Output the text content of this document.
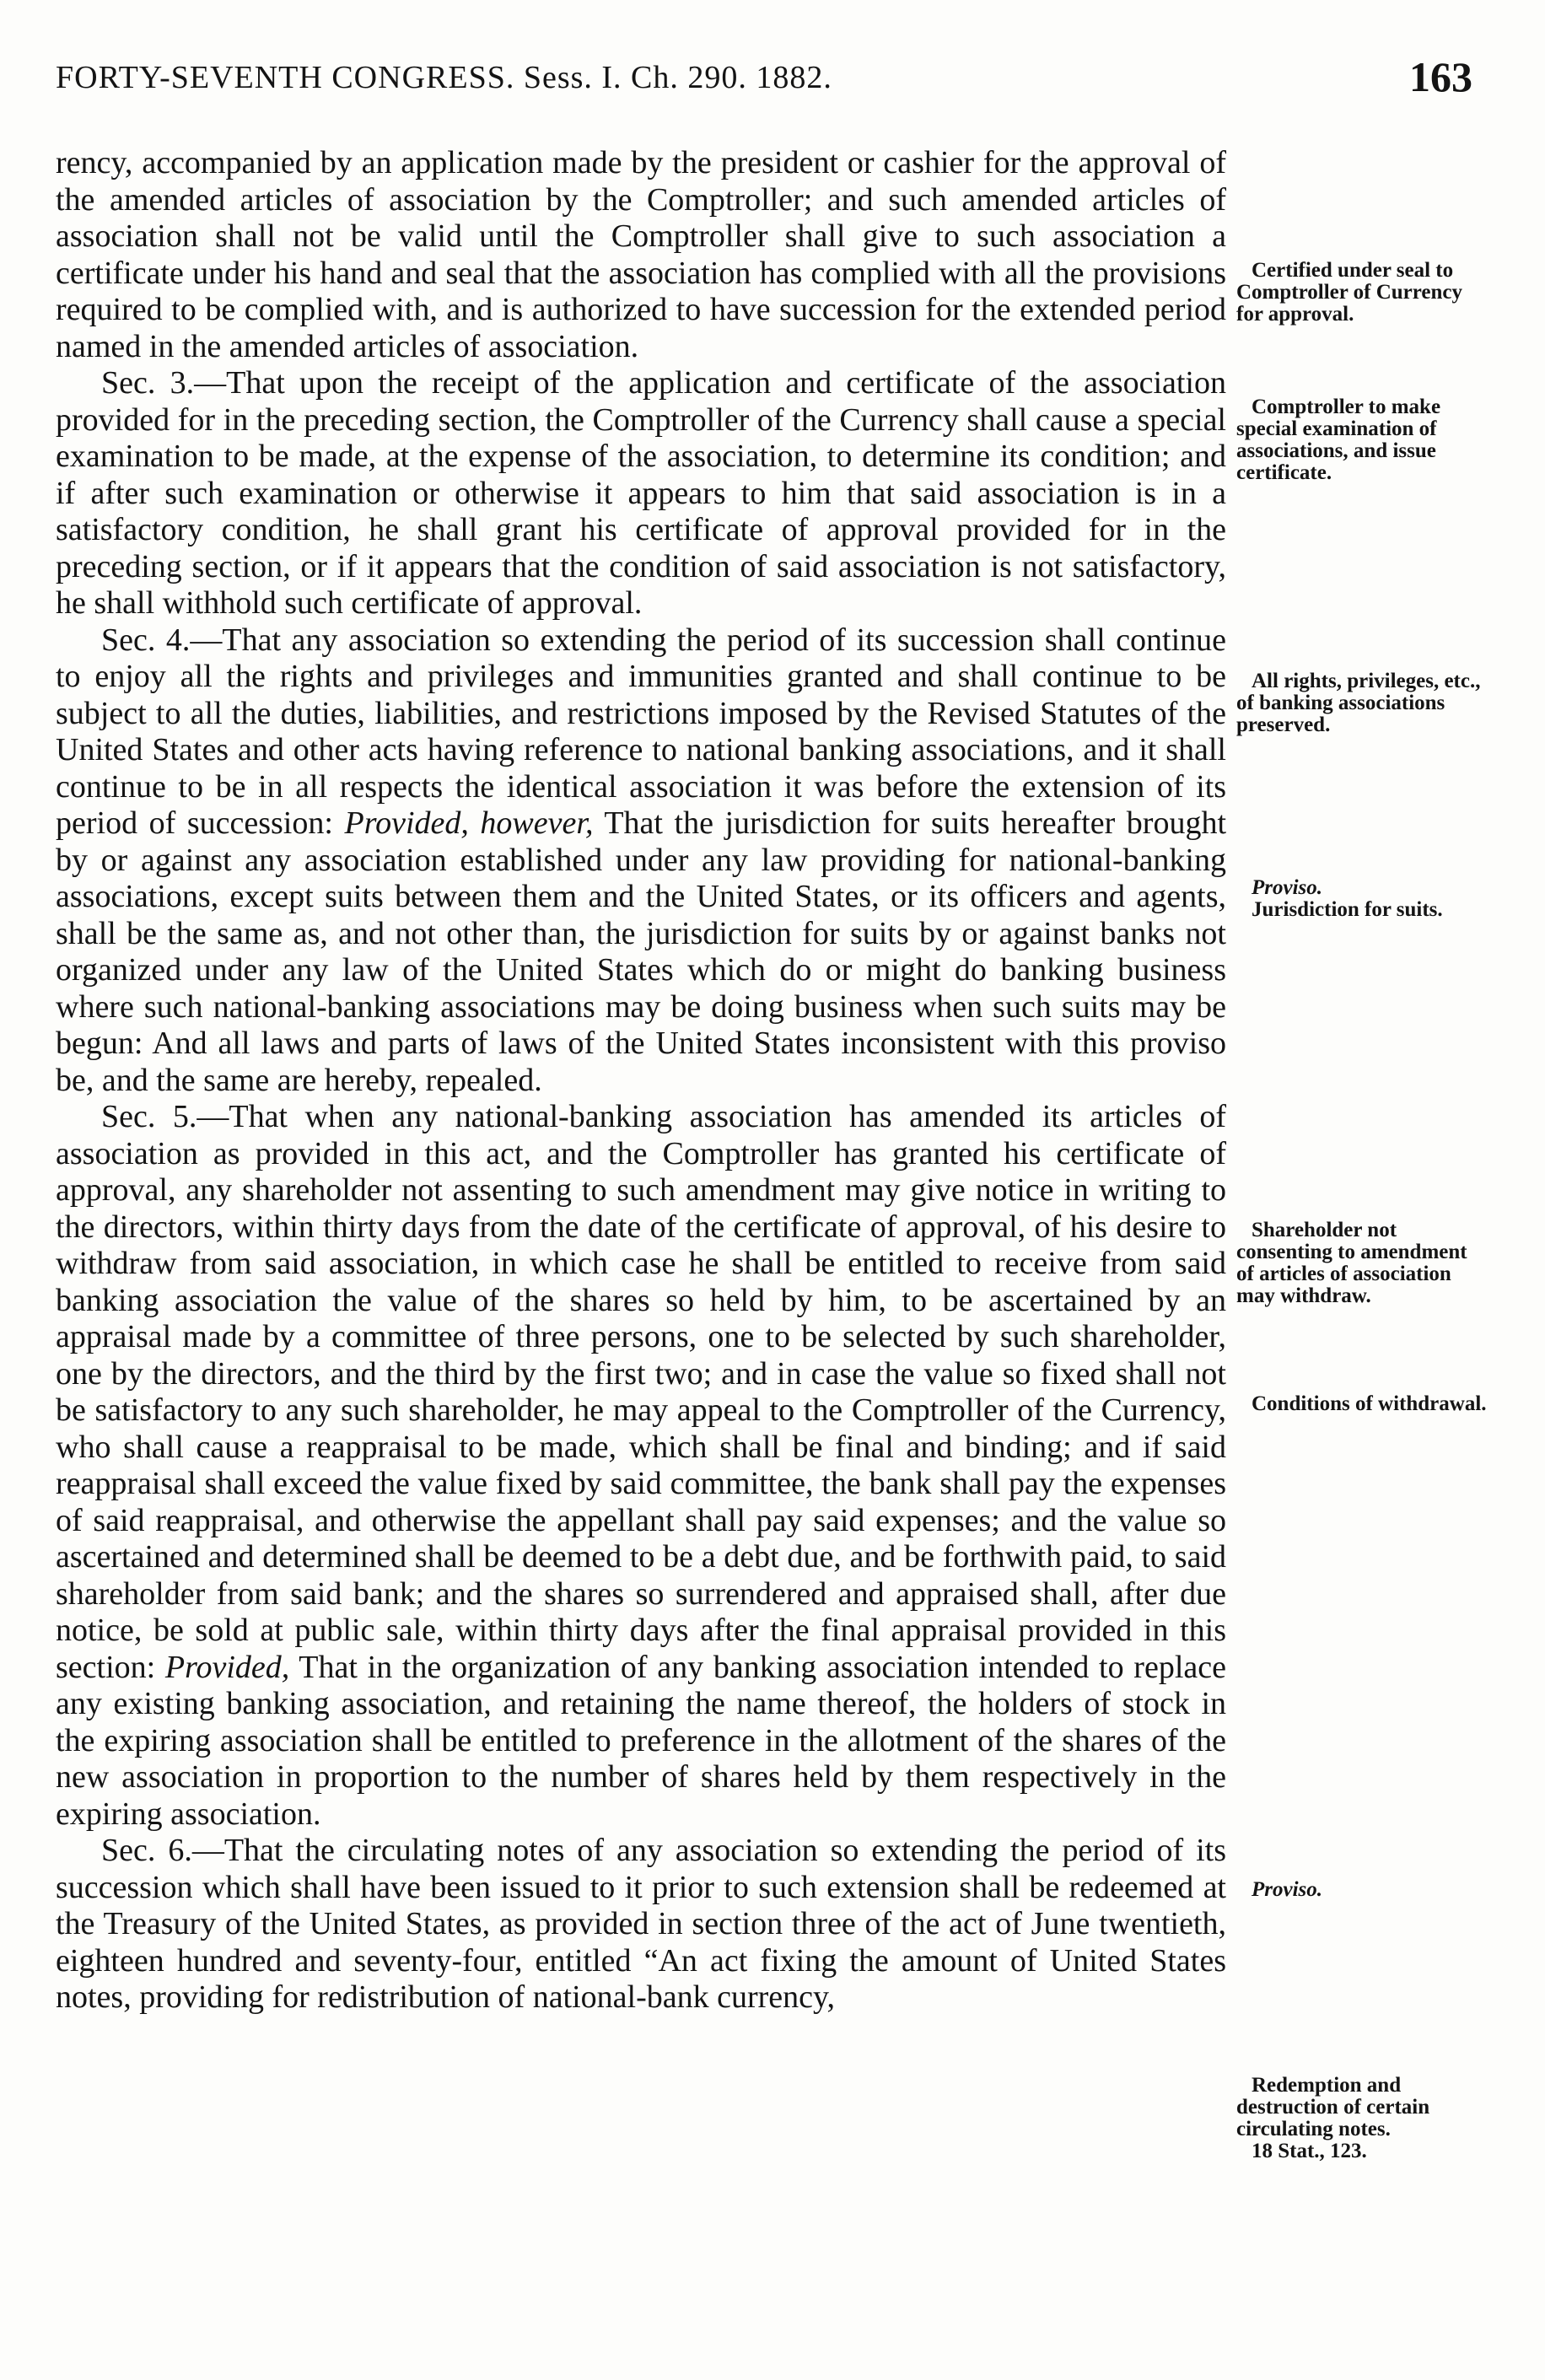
FORTY-SEVENTH CONGRESS. Sess. I. Ch. 290. 1882.	163

rency, accompanied by an application made by the president or cashier for the approval of the amended articles of association by the Comptroller; and such amended articles of association shall not be valid until the Comptroller shall give to such association a certificate under his hand and seal that the association has complied with all the provisions required to be complied with, and is authorized to have succession for the extended period named in the amended articles of association.

Sec. 3.—That upon the receipt of the application and certificate of the association provided for in the preceding section, the Comptroller of the Currency shall cause a special examination to be made, at the expense of the association, to determine its condition; and if after such examination or otherwise it appears to him that said association is in a satisfactory condition, he shall grant his certificate of approval provided for in the preceding section, or if it appears that the condition of said association is not satisfactory, he shall withhold such certificate of approval.

Sec. 4.—That any association so extending the period of its succession shall continue to enjoy all the rights and privileges and immunities granted and shall continue to be subject to all the duties, liabilities, and restrictions imposed by the Revised Statutes of the United States and other acts having reference to national banking associations, and it shall continue to be in all respects the identical association it was before the extension of its period of succession: Provided, however, That the jurisdiction for suits hereafter brought by or against any association established under any law providing for national-banking associations, except suits between them and the United States, or its officers and agents, shall be the same as, and not other than, the jurisdiction for suits by or against banks not organized under any law of the United States which do or might do banking business where such national-banking associations may be doing business when such suits may be begun: And all laws and parts of laws of the United States inconsistent with this proviso be, and the same are hereby, repealed.

Sec. 5.—That when any national-banking association has amended its articles of association as provided in this act, and the Comptroller has granted his certificate of approval, any shareholder not assenting to such amendment may give notice in writing to the directors, within thirty days from the date of the certificate of approval, of his desire to withdraw from said association, in which case he shall be entitled to receive from said banking association the value of the shares so held by him, to be ascertained by an appraisal made by a committee of three persons, one to be selected by such shareholder, one by the directors, and the third by the first two; and in case the value so fixed shall not be satisfactory to any such shareholder, he may appeal to the Comptroller of the Currency, who shall cause a reappraisal to be made, which shall be final and binding; and if said reappraisal shall exceed the value fixed by said committee, the bank shall pay the expenses of said reappraisal, and otherwise the appellant shall pay said expenses; and the value so ascertained and determined shall be deemed to be a debt due, and be forthwith paid, to said shareholder from said bank; and the shares so surrendered and appraised shall, after due notice, be sold at public sale, within thirty days after the final appraisal provided in this section: Provided, That in the organization of any banking association intended to replace any existing banking association, and retaining the name thereof, the holders of stock in the expiring association shall be entitled to preference in the allotment of the shares of the new association in proportion to the number of shares held by them respectively in the expiring association.

Sec. 6.—That the circulating notes of any association so extending the period of its succession which shall have been issued to it prior to such extension shall be redeemed at the Treasury of the United States, as provided in section three of the act of June twentieth, eighteen hundred and seventy-four, entitled “An act fixing the amount of United States notes, providing for redistribution of national-bank currency,

Certified under seal to Comptroller of Currency for approval.
Comptroller to make special examination of associations, and issue certificate.
All rights, privileges, etc., of banking associations preserved.
Proviso.
Jurisdiction for suits.
Shareholder not consenting to amendment of articles of association may withdraw.
Conditions of withdrawal.
Proviso.
Redemption and destruction of certain circulating notes.
18 Stat., 123.
